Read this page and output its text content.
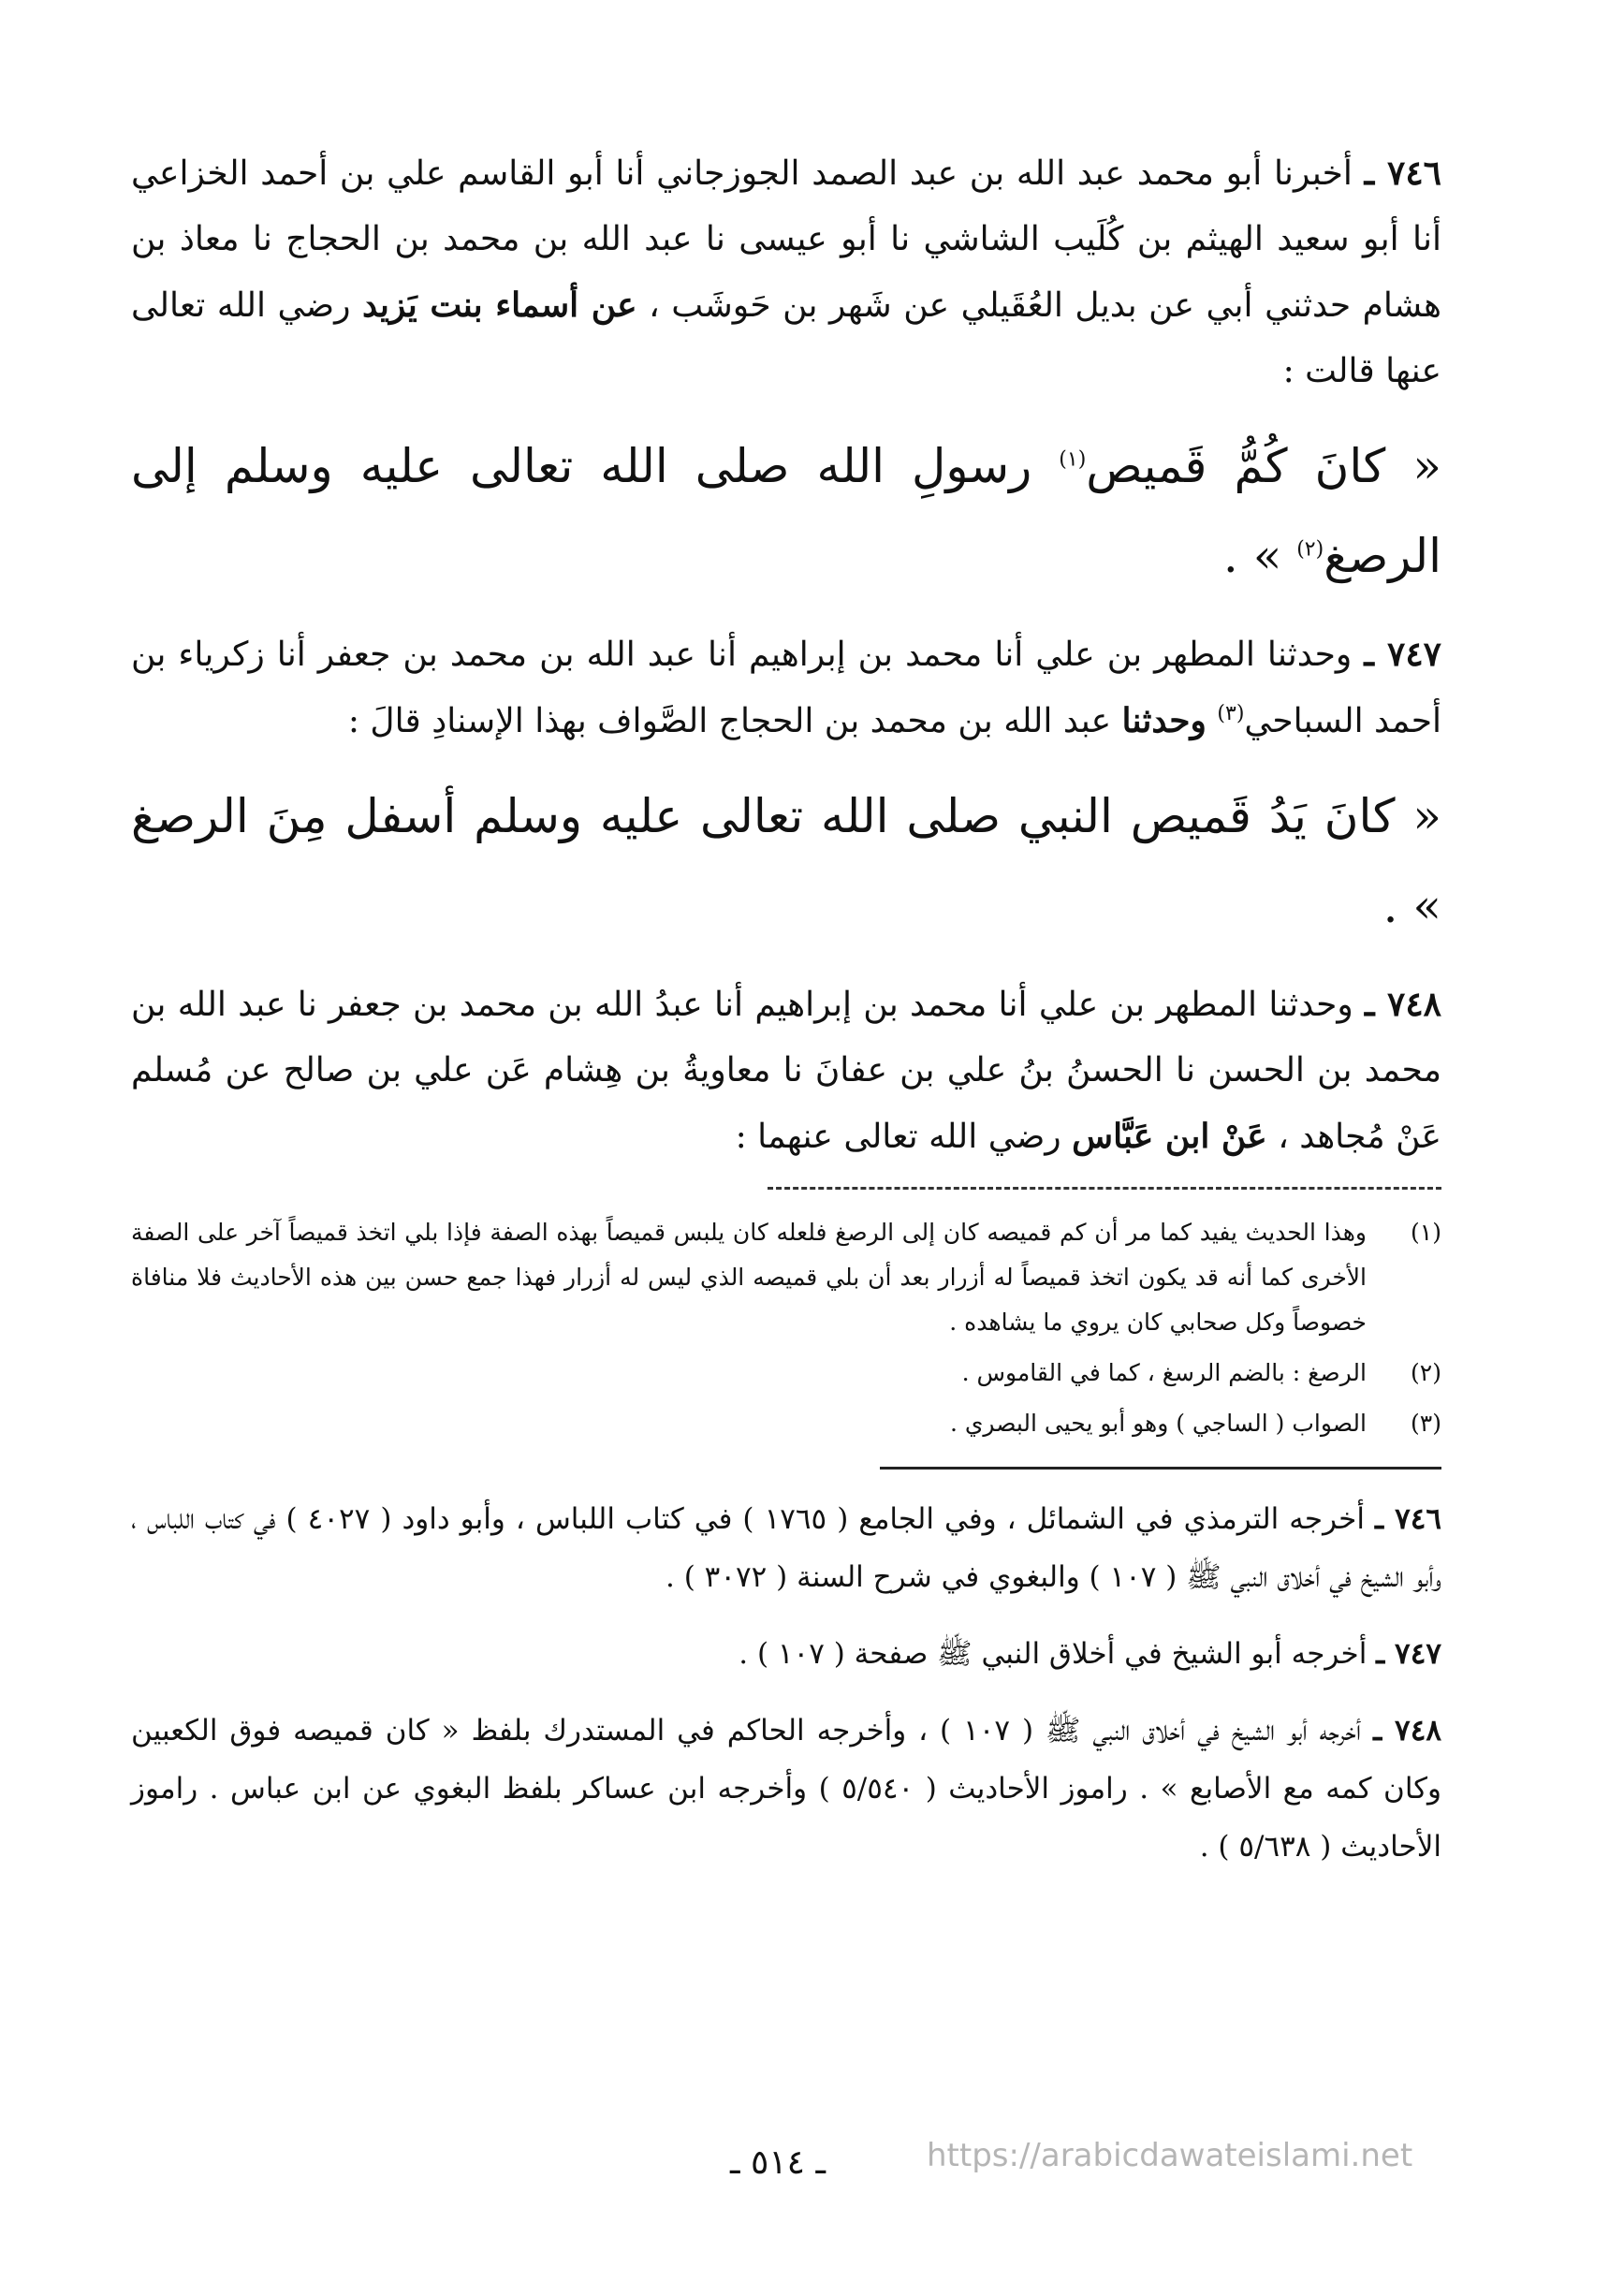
٧٤٦ ـ أخبرنا أبو محمد عبد الله بن عبد الصمد الجوزجاني أنا أبو القاسم علي بن أحمد الخزاعي أنا أبو سعيد الهيثم بن كُلَيب الشاشي نا أبو عيسى نا عبد الله بن محمد بن الحجاج نا معاذ بن هشام حدثني أبي عن بديل العُقَيلي عن شَهر بن حَوشَب ، عن أسماء بنت يَزيد رضي الله تعالى عنها قالت :
« كانَ كُمُّ قَميص$^{(١)}$ رسولِ الله صلى الله تعالى عليه وسلم إلى الرصغ$^{(٢)}$ » .
٧٤٧ ـ وحدثنا المطهر بن علي أنا محمد بن إبراهيم أنا عبد الله بن محمد بن جعفر أنا زكرياء بن أحمد السباحي$^{(٣)}$ وحدثنا عبد الله بن محمد بن الحجاج الصَّواف بهذا الإسنادِ قالَ :
« كانَ يَدُ قَميص النبي صلى الله تعالى عليه وسلم أسفل مِنَ الرصغ » .
٧٤٨ ـ وحدثنا المطهر بن علي أنا محمد بن إبراهيم أنا عبدُ الله بن محمد بن جعفر نا عبد الله بن محمد بن الحسن نا الحسنُ بنُ علي بن عفانَ نا معاويةُ بن هِشام عَن علي بن صالح عن مُسلم عَنْ مُجاهد ، عَنْ ابن عَبَّاس رضي الله تعالى عنهما :
(١)
وهذا الحديث يفيد كما مر أن كم قميصه كان إلى الرصغ فلعله كان يلبس قميصاً بهذه الصفة فإذا بلي اتخذ قميصاً آخر على الصفة الأخرى كما أنه قد يكون اتخذ قميصاً له أزرار بعد أن بلي قميصه الذي ليس له أزرار فهذا جمع حسن بين هذه الأحاديث فلا منافاة خصوصاً وكل صحابي كان يروي ما يشاهده .
(٢)
الرصغ : بالضم الرسغ ، كما في القاموس .
(٣)
الصواب ( الساجي ) وهو أبو يحيى البصري .
٧٤٦ ـ أخرجه الترمذي في الشمائل ، وفي الجامع ( ١٧٦٥ ) في كتاب اللباس ، وأبو داود ( ٤٠٢٧ ) في كتاب اللباس ، وأبو الشيخ في أخلاق النبي ﷺ ( ١٠٧ ) والبغوي في شرح السنة ( ٣٠٧٢ ) .
٧٤٧ ـ أخرجه أبو الشيخ في أخلاق النبي ﷺ صفحة ( ١٠٧ ) .
٧٤٨ ـ أخرجه أبو الشيخ في أخلاق النبي ﷺ ( ١٠٧ ) ، وأخرجه الحاكم في المستدرك بلفظ « كان قميصه فوق الكعبين وكان كمه مع الأصابع » . راموز الأحاديث ( ٥/٥٤٠ ) وأخرجه ابن عساكر بلفظ البغوي عن ابن عباس . راموز الأحاديث ( ٥/٦٣٨ ) .
ـ ٥١٤ ـ	https://arabicdawateislami.net
